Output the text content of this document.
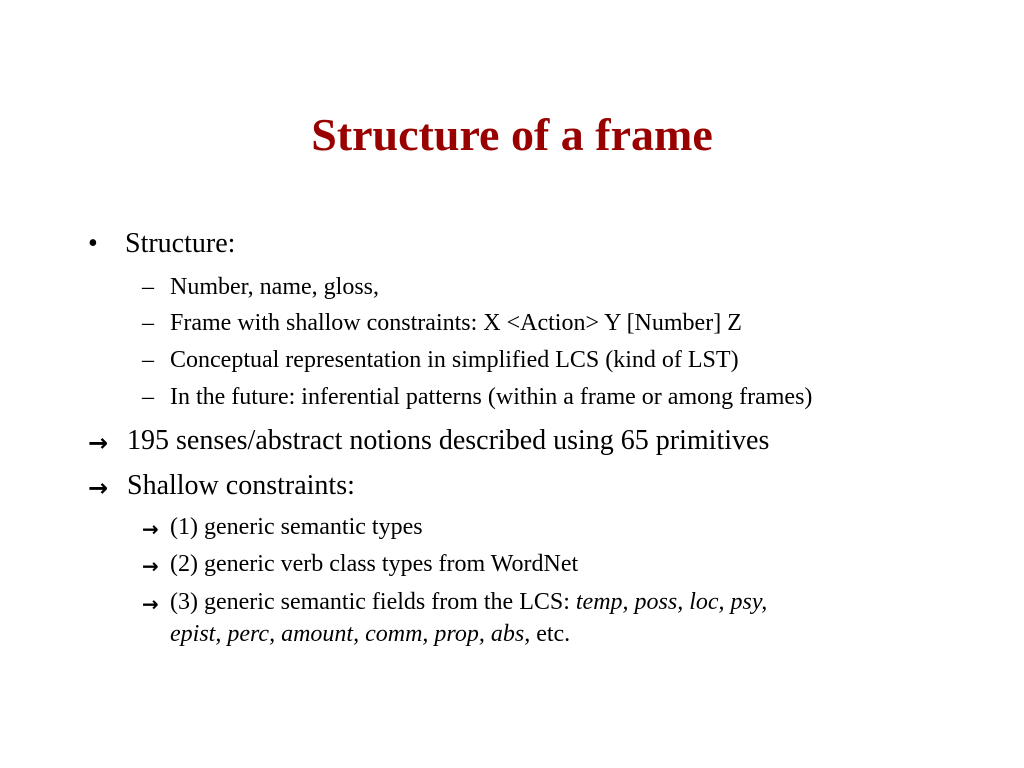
Structure of a frame
• Structure:
– Number, name, gloss,
– Frame with shallow constraints: X <Action> Y [Number] Z
– Conceptual representation in simplified LCS (kind of LST)
– In the future: inferential patterns (within a frame or among frames)
→ 195 senses/abstract notions described using 65 primitives
→ Shallow constraints:
→ (1) generic semantic types
→ (2) generic verb class types from WordNet
→ (3) generic semantic fields from the LCS: temp, poss, loc, psy,
epist, perc, amount, comm, prop, abs, etc.
